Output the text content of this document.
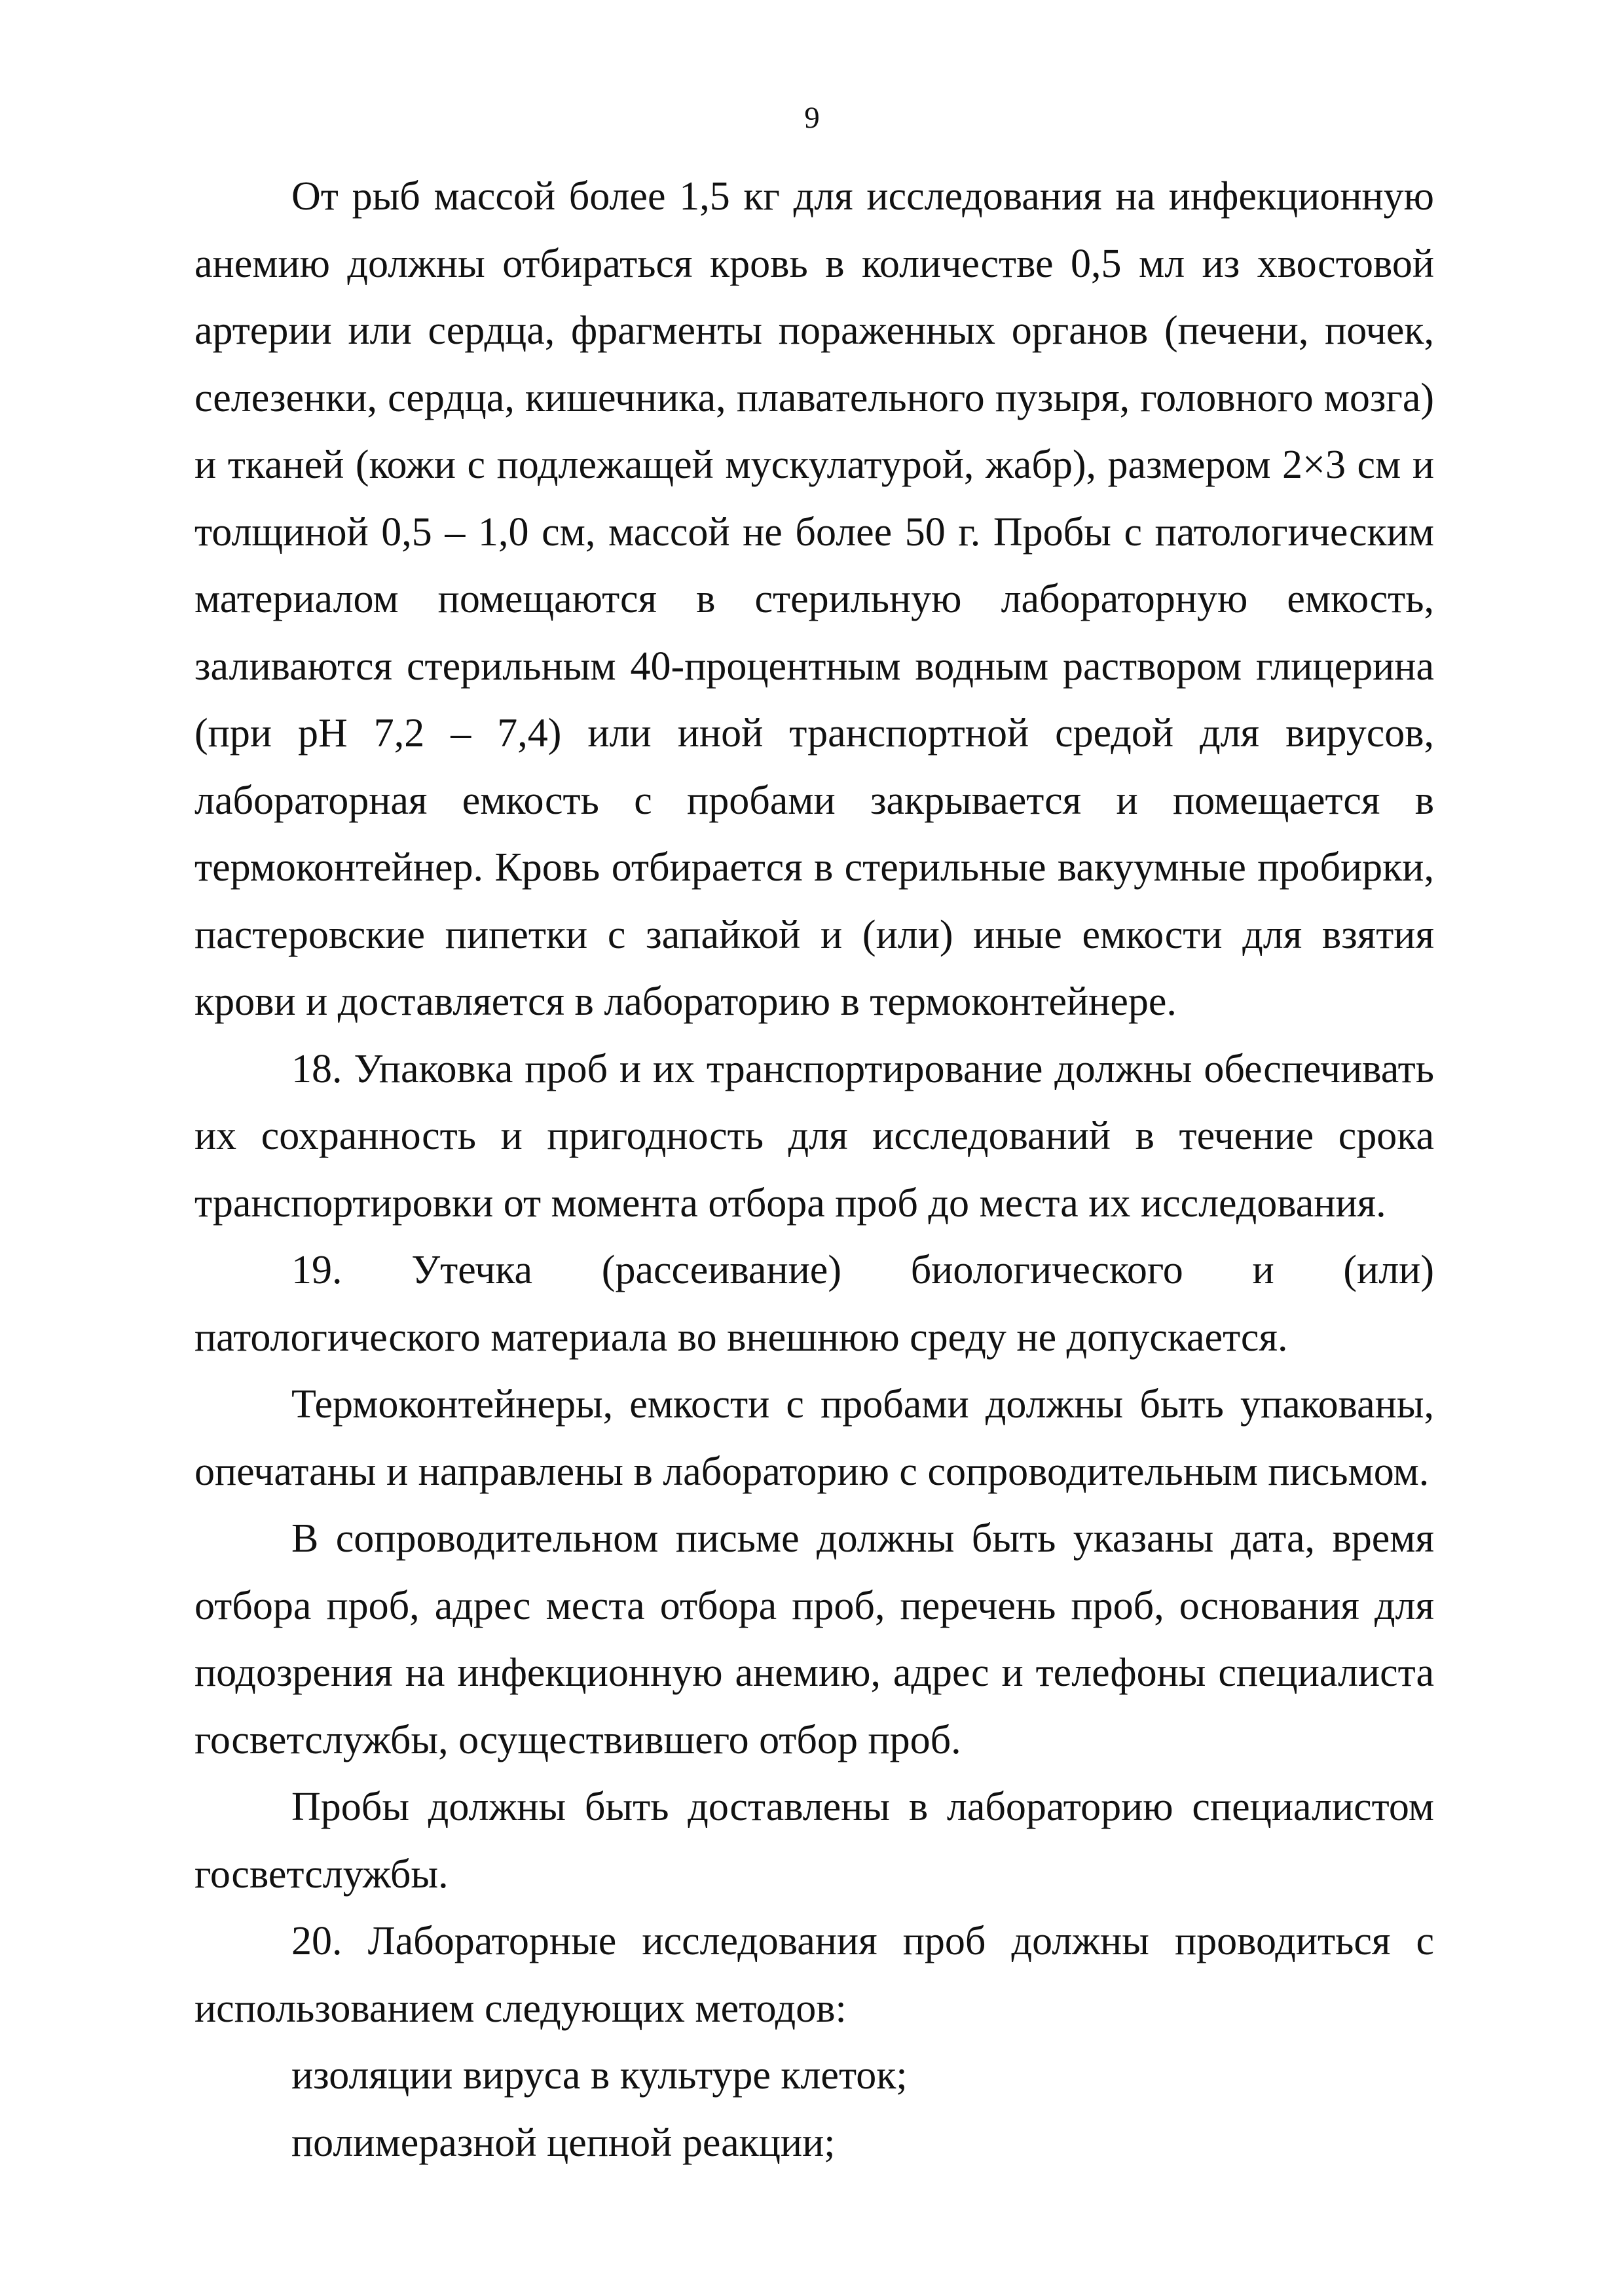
9

От рыб массой более 1,5 кг для исследования на инфекционную анемию должны отбираться кровь в количестве 0,5 мл из хвостовой артерии или сердца, фрагменты пораженных органов (печени, почек, селезенки, сердца, кишечника, плавательного пузыря, головного мозга) и тканей (кожи с подлежащей мускулатурой, жабр), размером 2×3 см и толщиной 0,5 – 1,0 см, массой не более 50 г. Пробы с патологическим материалом помещаются в стерильную лабораторную емкость, заливаются стерильным 40-процентным водным раствором глицерина (при pH 7,2 – 7,4) или иной транспортной средой для вирусов, лабораторная емкость с пробами закрывается и помещается в термоконтейнер. Кровь отбирается в стерильные вакуумные пробирки, пастеровские пипетки с запайкой и (или) иные емкости для взятия крови и доставляется в лабораторию в термоконтейнере.

18. Упаковка проб и их транспортирование должны обеспечивать их сохранность и пригодность для исследований в течение срока транспортировки от момента отбора проб до места их исследования.

19. Утечка (рассеивание) биологического и (или) патологического материала во внешнюю среду не допускается.

Термоконтейнеры, емкости с пробами должны быть упакованы, опечатаны и направлены в лабораторию с сопроводительным письмом.

В сопроводительном письме должны быть указаны дата, время отбора проб, адрес места отбора проб, перечень проб, основания для подозрения на инфекционную анемию, адрес и телефоны специалиста госветслужбы, осуществившего отбор проб.

Пробы должны быть доставлены в лабораторию специалистом госветслужбы.

20. Лабораторные исследования проб должны проводиться с использованием следующих методов:

изоляции вируса в культуре клеток;

полимеразной цепной реакции;
